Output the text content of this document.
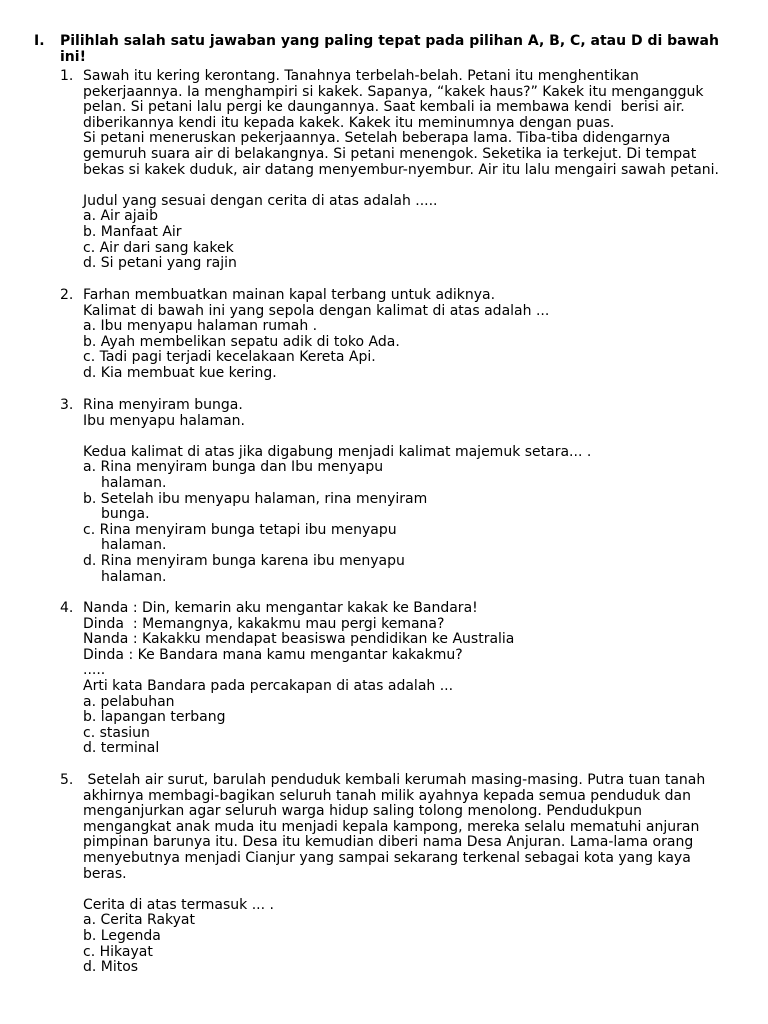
I. Pilihlah salah satu jawaban yang paling tepat pada pilihan A, B, C, atau D di bawah ini!
1. Sawah itu kering kerontang. Tanahnya terbelah-belah. Petani itu menghentikan
pekerjaannya. Ia menghampiri si kakek. Sapanya, “kakek haus?” Kakek itu mengangguk
pelan. Si petani lalu pergi ke daungannya. Saat kembali ia membawa kendi  berisi air.
diberikannya kendi itu kepada kakek. Kakek itu meminumnya dengan puas.
Si petani meneruskan pekerjaannya. Setelah beberapa lama. Tiba-tiba didengarnya
gemuruh suara air di belakangnya. Si petani menengok. Seketika ia terkejut. Di tempat
bekas si kakek duduk, air datang menyembur-nyembur. Air itu lalu mengairi sawah petani.
Judul yang sesuai dengan cerita di atas adalah .....
a. Air ajaib
b. Manfaat Air
c. Air dari sang kakek
d. Si petani yang rajin
2. Farhan membuatkan mainan kapal terbang untuk adiknya.
Kalimat di bawah ini yang sepola dengan kalimat di atas adalah ...
a. Ibu menyapu halaman rumah .
b. Ayah membelikan sepatu adik di toko Ada.
c. Tadi pagi terjadi kecelakaan Kereta Api.
d. Kia membuat kue kering.
3. Rina menyiram bunga.
Ibu menyapu halaman.
Kedua kalimat di atas jika digabung menjadi kalimat majemuk setara... .
a. Rina menyiram bunga dan Ibu menyapu
halaman.
b. Setelah ibu menyapu halaman, rina menyiram
bunga.
c. Rina menyiram bunga tetapi ibu menyapu
halaman.
d. Rina menyiram bunga karena ibu menyapu
halaman.
4. Nanda : Din, kemarin aku mengantar kakak ke Bandara!
Dinda  : Memangnya, kakakmu mau pergi kemana?
Nanda : Kakakku mendapat beasiswa pendidikan ke Australia
Dinda : Ke Bandara mana kamu mengantar kakakmu?
.....
Arti kata Bandara pada percakapan di atas adalah ...
a. pelabuhan
b. lapangan terbang
c. stasiun
d. terminal
5. Setelah air surut, barulah penduduk kembali kerumah masing-masing. Putra tuan tanah
akhirnya membagi-bagikan seluruh tanah milik ayahnya kepada semua penduduk dan
menganjurkan agar seluruh warga hidup saling tolong menolong. Pendudukpun
mengangkat anak muda itu menjadi kepala kampong, mereka selalu mematuhi anjuran
pimpinan barunya itu. Desa itu kemudian diberi nama Desa Anjuran. Lama-lama orang
menyebutnya menjadi Cianjur yang sampai sekarang terkenal sebagai kota yang kaya
beras.
Cerita di atas termasuk ... .
a. Cerita Rakyat
b. Legenda
c. Hikayat
d. Mitos
